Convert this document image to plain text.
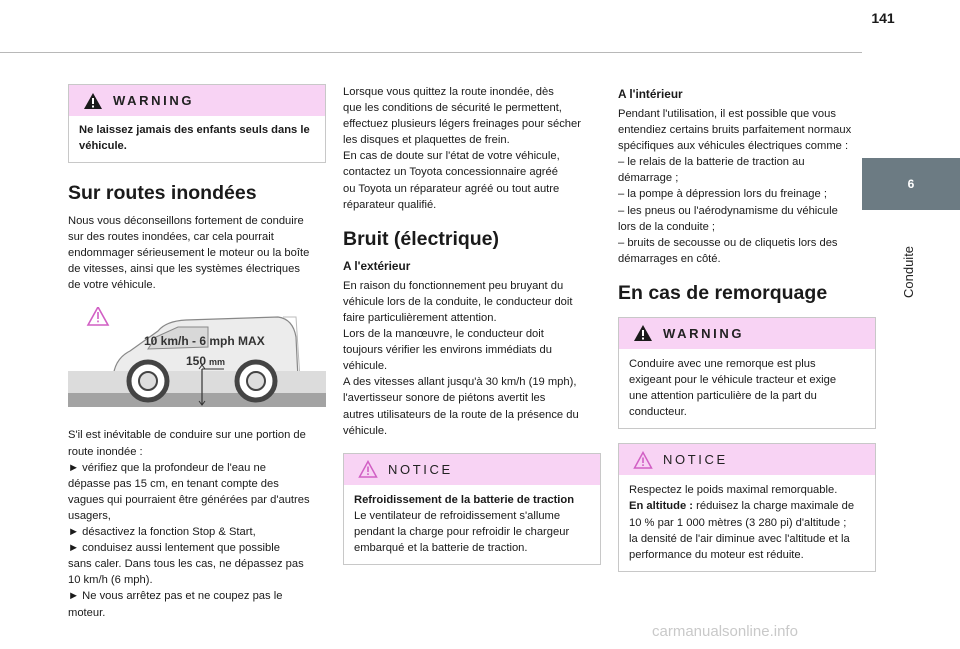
141
6
Conduite
WARNING
Ne laissez jamais des enfants seuls dans le véhicule.
Sur routes inondées

Nous vous déconseillons fortement de conduire

sur des routes inondées, car cela pourrait

endommager sérieusement le moteur ou la boîte

de vitesses, ainsi que les systèmes électriques

de votre véhicule.

10 km/h - 6 mph MAX
150 mm

S'il est inévitable de conduire sur une portion de

route inondée :

► vérifiez que la profondeur de l'eau ne

dépasse pas 15 cm, en tenant compte des

vagues qui pourraient être générées par d'autres

usagers,

► désactivez la fonction Stop & Start,

► conduisez aussi lentement que possible

sans caler. Dans tous les cas, ne dépassez pas

10 km/h (6 mph).

► Ne vous arrêtez pas et ne coupez pas le

moteur.

Lorsque vous quittez la route inondée, dès

que les conditions de sécurité le permettent,

effectuez plusieurs légers freinages pour sécher

les disques et plaquettes de frein.

En cas de doute sur l'état de votre véhicule,

contactez un Toyota concessionnaire agréé

ou Toyota un réparateur agréé ou tout autre

réparateur qualifié.

Bruit (électrique)
A l'extérieur

En raison du fonctionnement peu bruyant du

véhicule lors de la conduite, le conducteur doit

faire particulièrement attention.

Lors de la manœuvre, le conducteur doit

toujours vérifier les environs immédiats du

véhicule.

A des vitesses allant jusqu'à 30 km/h (19 mph),

l'avertisseur sonore de piétons avertit les

autres utilisateurs de la route de la présence du

véhicule.

NOTICE

Refroidissement de la batterie de traction

Le ventilateur de refroidissement s'allume

pendant la charge pour refroidir le chargeur

embarqué et la batterie de traction.

A l'intérieur

Pendant l'utilisation, il est possible que vous

entendiez certains bruits parfaitement normaux

spécifiques aux véhicules électriques comme :

– le relais de la batterie de traction au

démarrage ;

– la pompe à dépression lors du freinage ;

– les pneus ou l'aérodynamisme du véhicule

lors de la conduite ;

– bruits de secousse ou de cliquetis lors des

démarrages en côté.

En cas de remorquage
WARNING

Conduire avec une remorque est plus

exigeant pour le véhicule tracteur et exige

une attention particulière de la part du

conducteur.

NOTICE

Respectez le poids maximal remorquable.

En altitude : réduisez la charge maximale de

10 % par 1 000 mètres (3 280 pi) d'altitude ;

la densité de l'air diminue avec l'altitude et la

performance du moteur est réduite.

carmanualsonline.info
